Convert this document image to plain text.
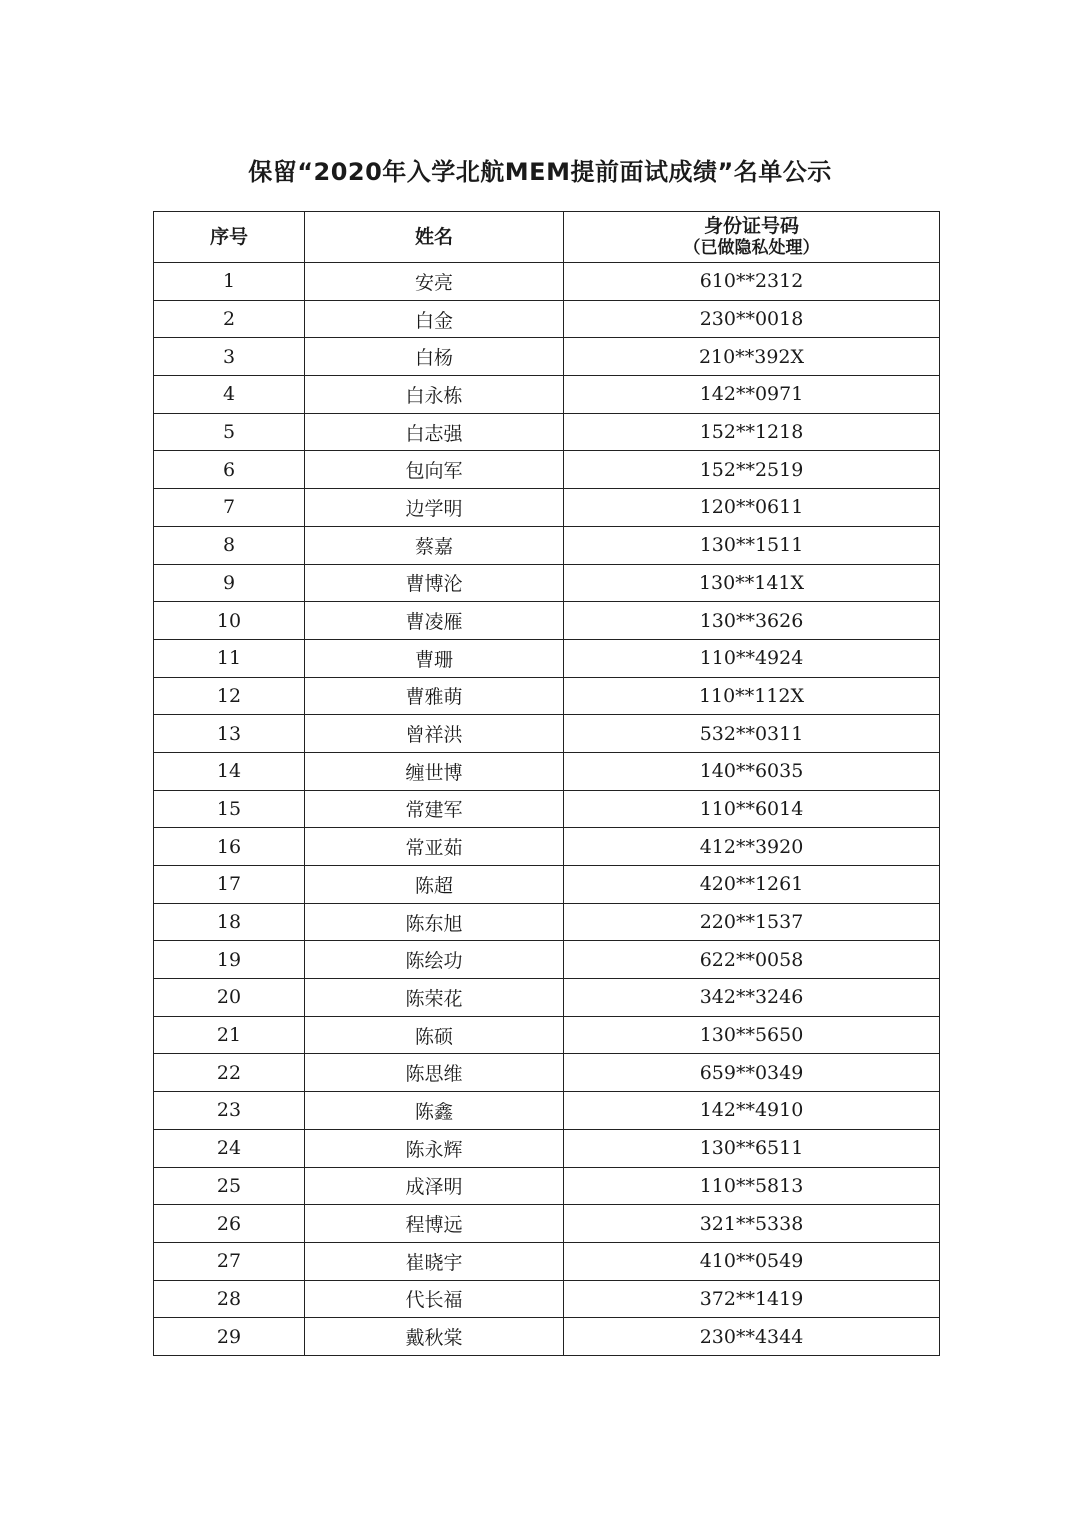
保留“2020年入学北航MEM提前面试成绩”名单公示
序号	姓名	身份证号码
（已做隐私处理）

1	安亮	610**2312
2	白金	230**0018
3	白杨	210**392X
4	白永栋	142**0971
5	白志强	152**1218
6	包向军	152**2519
7	边学明	120**0611
8	蔡嘉	130**1511
9	曹博沦	130**141X
10	曹凌雁	130**3626
11	曹珊	110**4924
12	曹雅萌	110**112X
13	曾祥洪	532**0311
14	缠世博	140**6035
15	常建军	110**6014
16	常亚茹	412**3920
17	陈超	420**1261
18	陈东旭	220**1537
19	陈绘功	622**0058
20	陈荣花	342**3246
21	陈硕	130**5650
22	陈思维	659**0349
23	陈鑫	142**4910
24	陈永辉	130**6511
25	成泽明	110**5813
26	程博远	321**5338
27	崔晓宇	410**0549
28	代长福	372**1419
29	戴秋棠	230**4344
